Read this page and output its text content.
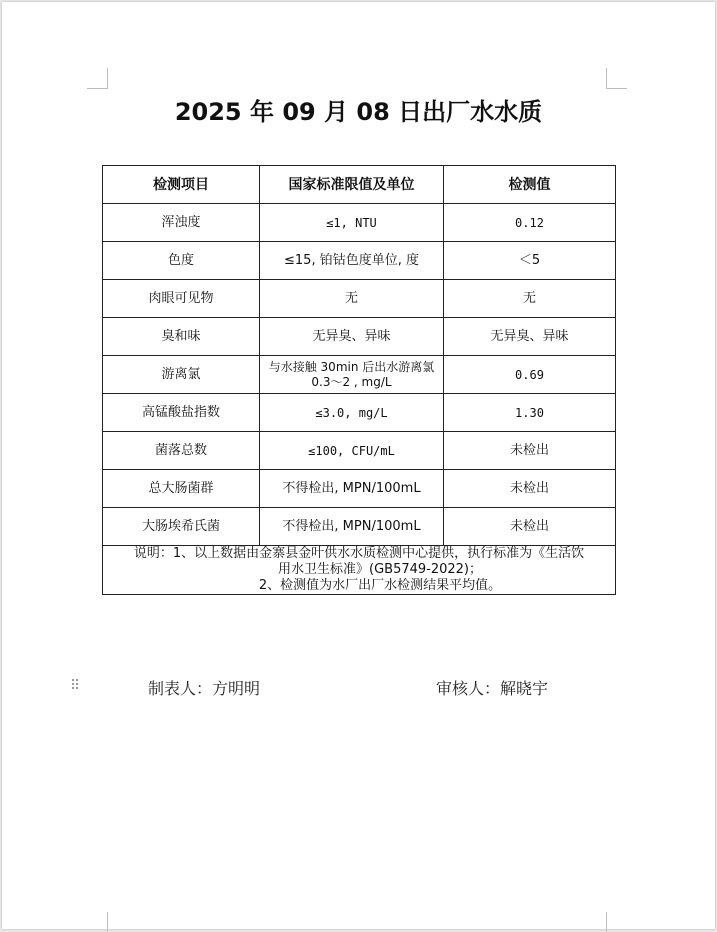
2025 年 09 月 08 日出厂水水质
检测项目	国家标准限值及单位	检测值
浑浊度	≤1, NTU	0.12
色度	≤15, 铂钴色度单位, 度	＜5
肉眼可见物	无	无
臭和味	无异臭、异味	无异臭、异味
游离氯	与水接触 30min 后出水游离氯 0.3～2 , mg/L	0.69
高锰酸盐指数	≤3.0, mg/L	1.30
菌落总数	≤100, CFU/mL	未检出
总大肠菌群	不得检出, MPN/100mL	未检出
大肠埃希氏菌	不得检出, MPN/100mL	未检出

说明：1、以上数据由金寨县金叶供水水质检测中心提供，执行标准为《生活饮
用水卫生标准》(GB5749-2022)；
2、检测值为水厂出厂水检测结果平均值。		
⠿	制表人：方明明	审核人：解晓宇
